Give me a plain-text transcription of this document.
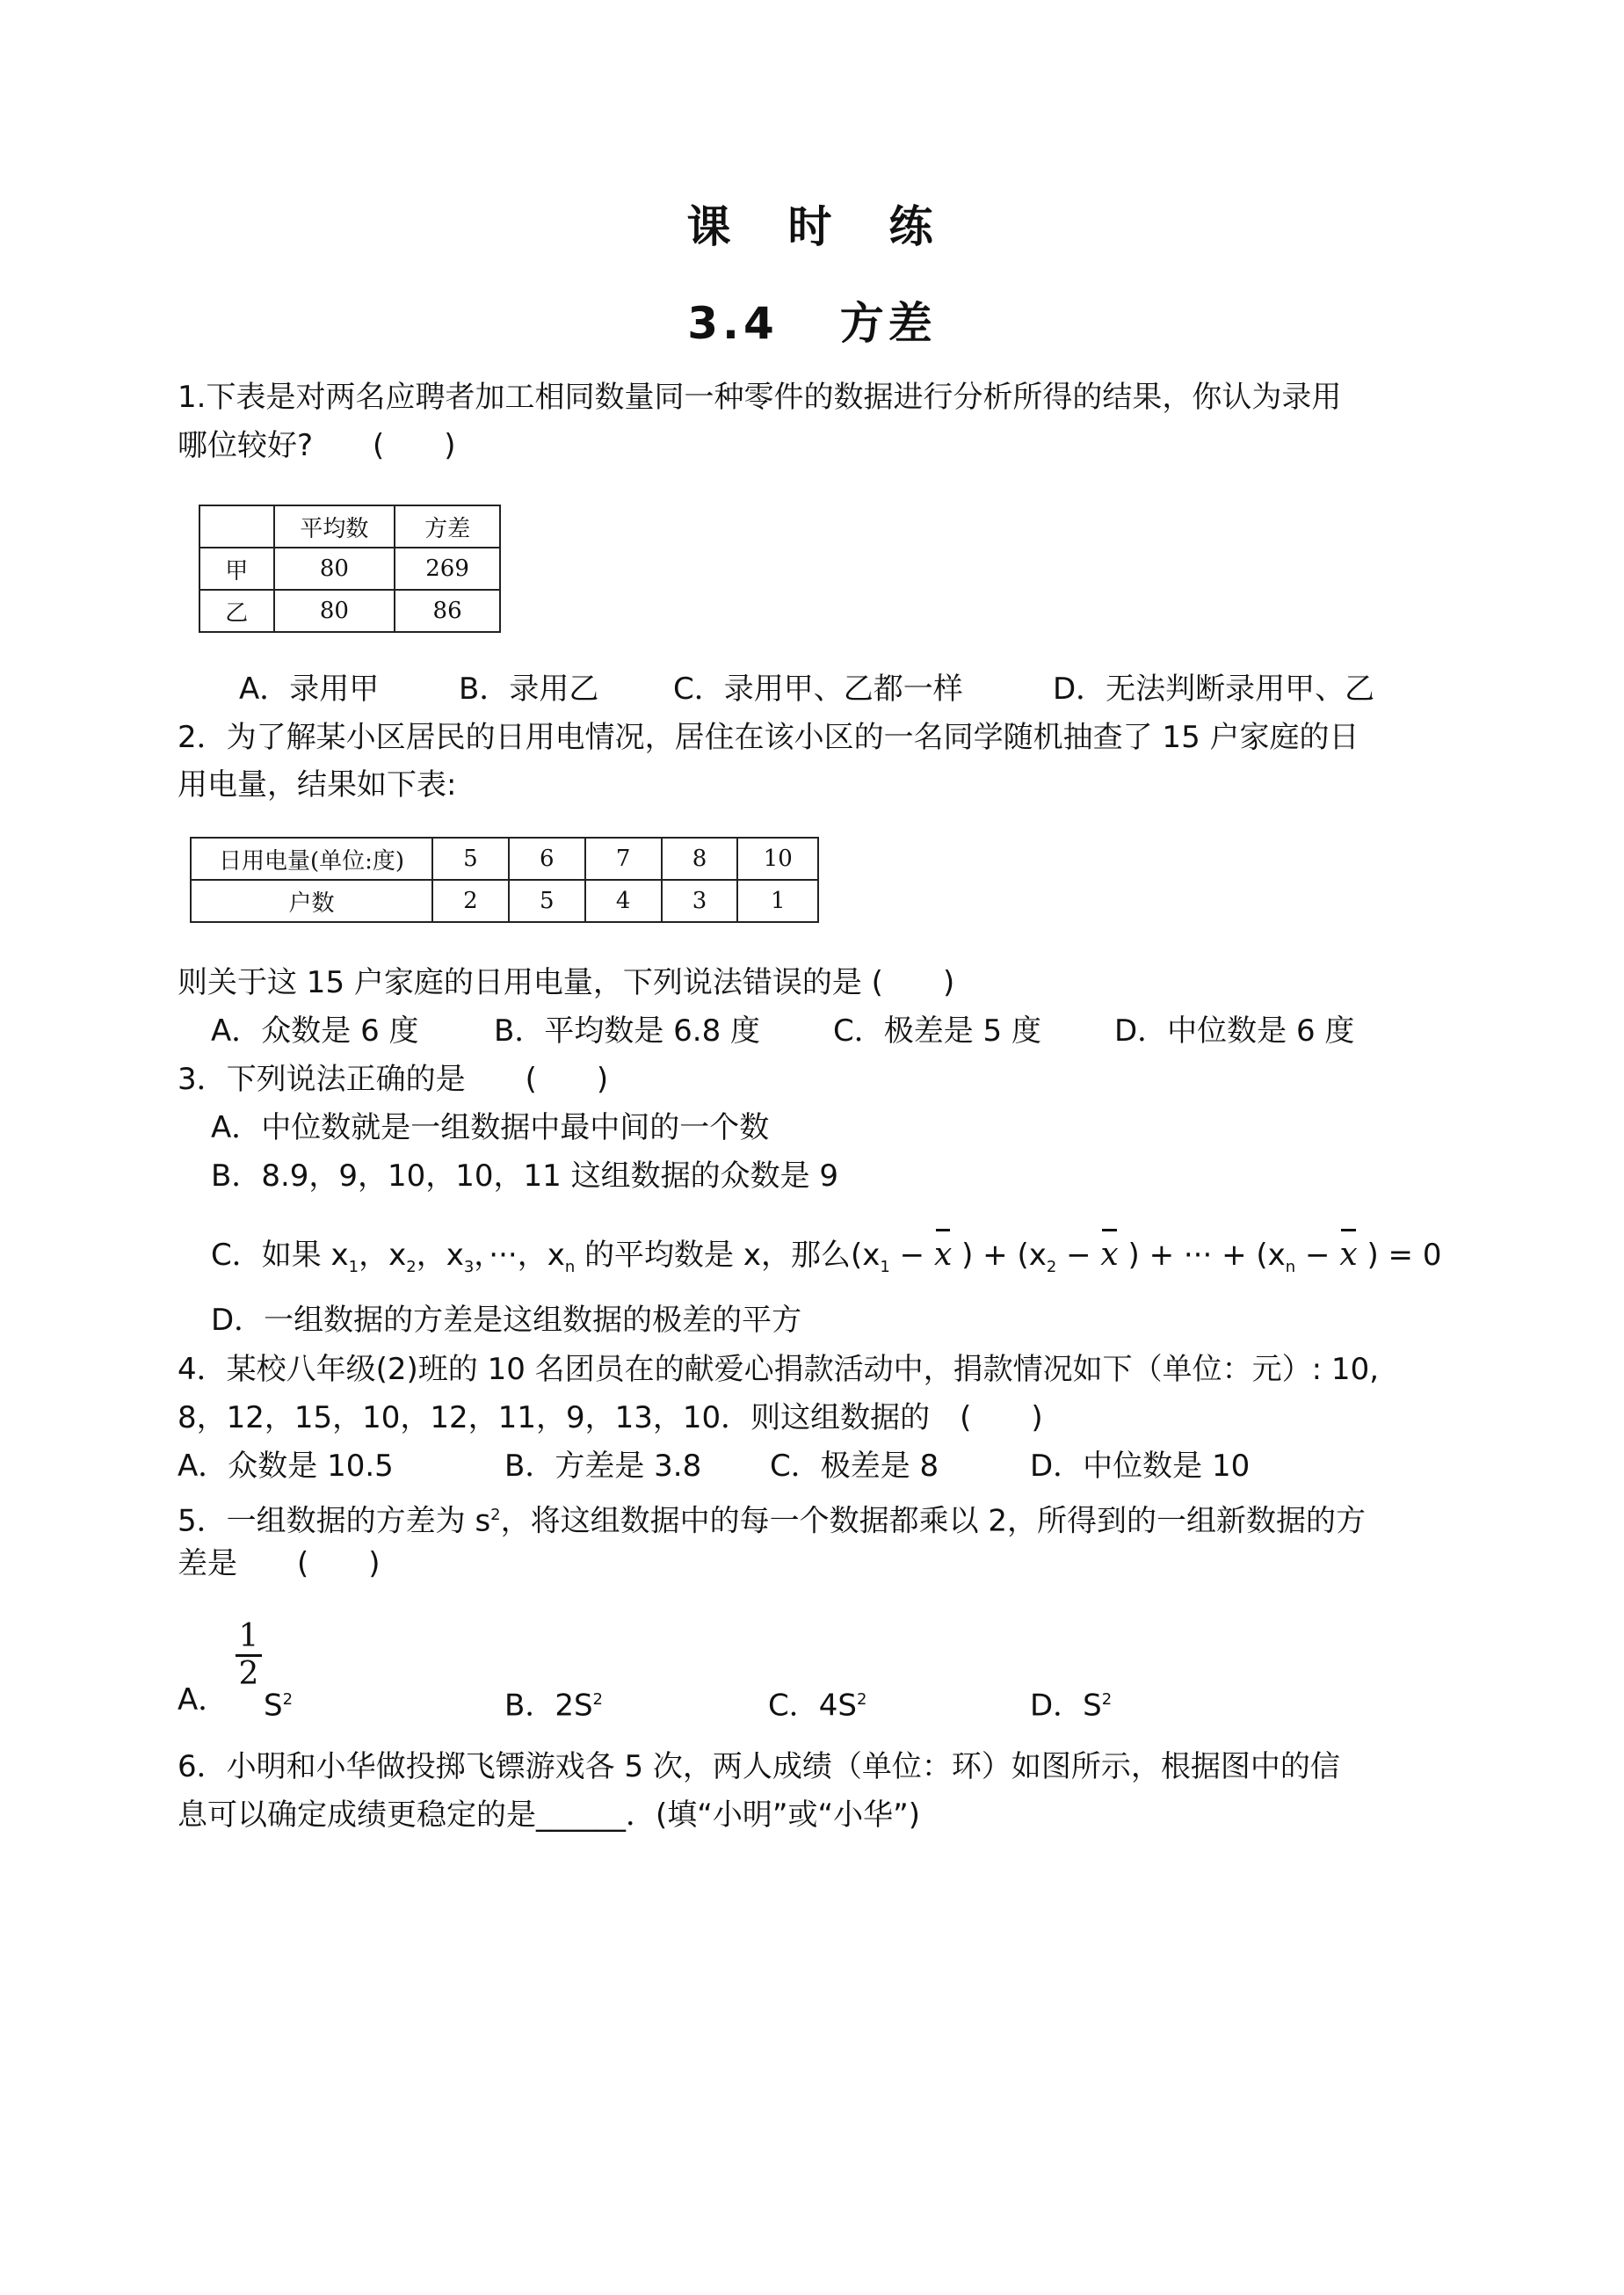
课 时 练
3.4 方差
1.下表是对两名应聘者加工相同数量同一种零件的数据进行分析所得的结果，你认为录用
哪位较好?　　(　　)
	平均数	方差
甲	80	269
乙	80	86
A．录用甲	B．录用乙 C．录用甲、乙都一样	D．无法判断录用甲、乙
2．为了解某小区居民的日用电情况，居住在该小区的一名同学随机抽查了 15 户家庭的日
用电量，结果如下表:
日用电量(单位:度)	5	6	7	8	10
户数	2	5	4	3	1
则关于这 15 户家庭的日用电量，下列说法错误的是 (　　)
A．众数是 6 度	B．平均数是 6.8 度 C．极差是 5 度 D．中位数是 6 度
3．下列说法正确的是　　(　　)
A．中位数就是一组数据中最中间的一个数
B．8.9，9，10，10，11 这组数据的众数是 9
C．如果 $x_1$，$x_2$，$x_3$，···，$x_n$ 的平均数是 x，那么($x_1 - x$ ) + ($x_2 - x$ ) + ··· + ($x_n - x$ ) = 0
D．一组数据的方差是这组数据的极差的平方
4．某校八年级(2)班的 10 名团员在的献爱心捐款活动中，捐款情况如下（单位：元）: 10,
8，12，15，10，12，11，9，13，10．则这组数据的　(　　)
A．众数是 10.5	B．方差是 3.8 C．极差是 8	D．中位数是 10
5．一组数据的方差为 $s^2$，将这组数据中的每一个数据都乘以 2，所得到的一组新数据的方
差是　　(　　)
A．
$\frac{1}{2}$
$S^2$	B．$2S^2$	C．$4S^2$	D．$S^2$
6．小明和小华做投掷飞镖游戏各 5 次，两人成绩（单位：环）如图所示，根据图中的信
息可以确定成绩更稳定的是______．(填“小明”或“小华”)
